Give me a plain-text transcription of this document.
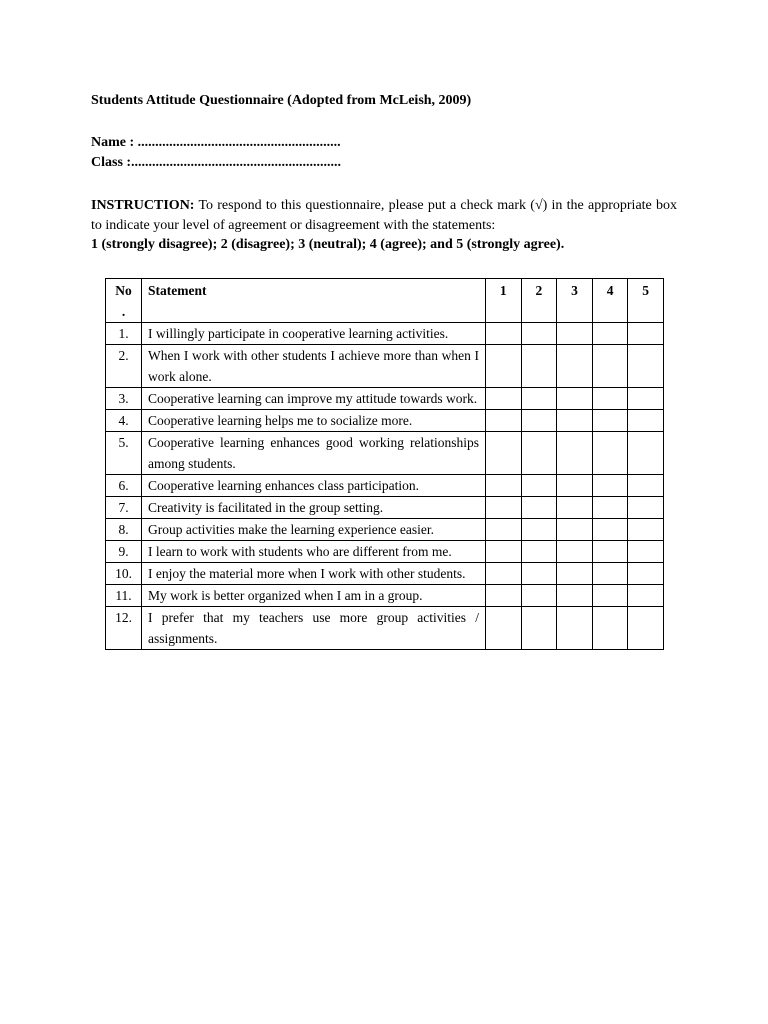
Students Attitude Questionnaire (Adopted from McLeish, 2009)
Name : ..........................................................
Class :............................................................
INSTRUCTION: To respond to this questionnaire, please put a check mark (√) in the appropriate box to indicate your level of agreement or disagreement with the statements:
1 (strongly disagree); 2 (disagree); 3 (neutral); 4 (agree); and 5 (strongly agree).
No
.	Statement	1	2	3	4	5
1.	I willingly participate in cooperative learning activities.					
2.	When I work with other students I achieve more than when I work alone.					
3.	Cooperative learning can improve my attitude towards work.					
4.	Cooperative learning helps me to socialize more.					
5.	Cooperative learning enhances good working relationships among students.					
6.	Cooperative learning enhances class participation.					
7.	Creativity is facilitated in the group setting.					
8.	Group activities make the learning experience easier.					
9.	I learn to work with students who are different from me.					
10.	I enjoy the material more when I work with other students.					
11.	My work is better organized when I am in a group.					
12.	I prefer that my teachers use more group activities / assignments.					
